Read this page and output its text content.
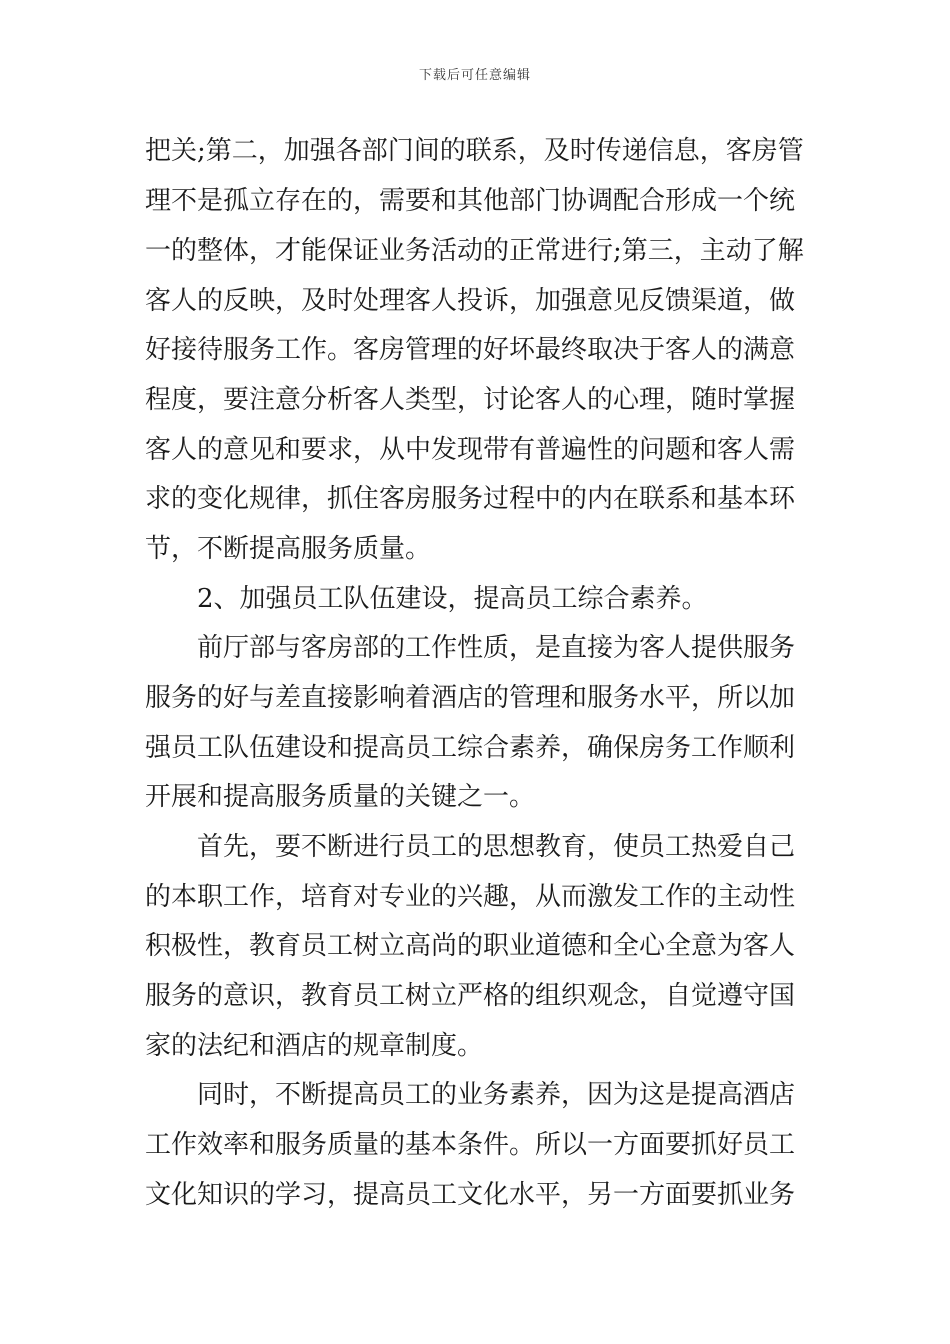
下载后可任意编辑
把关;第二，加强各部门间的联系，及时传递信息，客房管
理不是孤立存在的，需要和其他部门协调配合形成一个统
一的整体，才能保证业务活动的正常进行;第三，主动了解
客人的反映，及时处理客人投诉，加强意见反馈渠道，做
好接待服务工作。客房管理的好坏最终取决于客人的满意
程度，要注意分析客人类型，讨论客人的心理，随时掌握
客人的意见和要求，从中发现带有普遍性的问题和客人需
求的变化规律，抓住客房服务过程中的内在联系和基本环
节，不断提高服务质量。
2、加强员工队伍建设，提高员工综合素养。
前厅部与客房部的工作性质，是直接为客人提供服务
服务的好与差直接影响着酒店的管理和服务水平，所以加
强员工队伍建设和提高员工综合素养，确保房务工作顺利
开展和提高服务质量的关键之一。
首先，要不断进行员工的思想教育，使员工热爱自己
的本职工作，培育对专业的兴趣，从而激发工作的主动性
积极性，教育员工树立高尚的职业道德和全心全意为客人
服务的意识，教育员工树立严格的组织观念，自觉遵守国
家的法纪和酒店的规章制度。
同时，不断提高员工的业务素养，因为这是提高酒店
工作效率和服务质量的基本条件。所以一方面要抓好员工
文化知识的学习，提高员工文化水平，另一方面要抓业务
